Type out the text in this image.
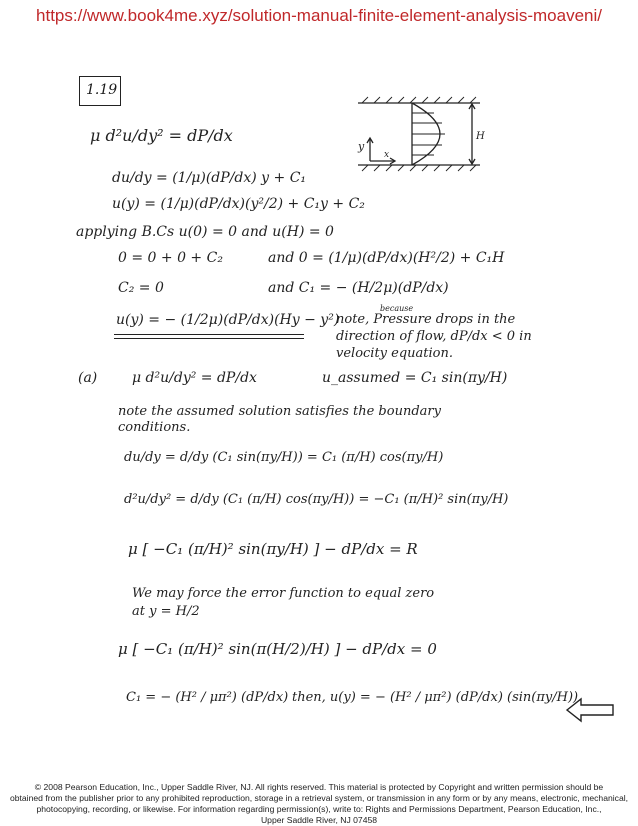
https://www.book4me.xyz/solution-manual-finite-element-analysis-moaveni/
1.19
y
x
H
μ d²u/dy² = dP/dx
du/dy = (1/μ)(dP/dx) y + C₁
u(y) = (1/μ)(dP/dx)(y²/2) + C₁y + C₂
applying B.Cs u(0) = 0 and u(H) = 0
0 = 0 + 0 + C₂	and 0 = (1/μ)(dP/dx)(H²/2) + C₁H
C₂ = 0	and C₁ = − (H/2μ)(dP/dx)
u(y) = − (1/2μ)(dP/dx)(Hy − y²)
because
note, Pressure drops in the
direction of flow, dP/dx < 0 in
velocity equation.
(a) μ d²u/dy² = dP/dx	u_assumed = C₁ sin(πy/H)
note the assumed solution satisfies the boundary
conditions.
du/dy = d/dy (C₁ sin(πy/H)) = C₁ (π/H) cos(πy/H)
d²u/dy² = d/dy (C₁ (π/H) cos(πy/H)) = −C₁ (π/H)² sin(πy/H)
μ [ −C₁ (π/H)² sin(πy/H) ] − dP/dx = R
We may force the error function to equal zero
at y = H/2
μ [ −C₁ (π/H)² sin(π(H/2)/H) ] − dP/dx = 0
C₁ = − (H² / μπ²) (dP/dx) then, u(y) = − (H² / μπ²) (dP/dx) (sin(πy/H))
© 2008 Pearson Education, Inc., Upper Saddle River, NJ. All rights reserved. This material is protected by Copyright and written permission should be
obtained from the publisher prior to any prohibited reproduction, storage in a retrieval system, or transmission in any form or by any means, electronic, mechanical,
photocopying, recording, or likewise. For information regarding permission(s), write to: Rights and Permissions Department, Pearson Education, Inc.,
Upper Saddle River, NJ 07458
